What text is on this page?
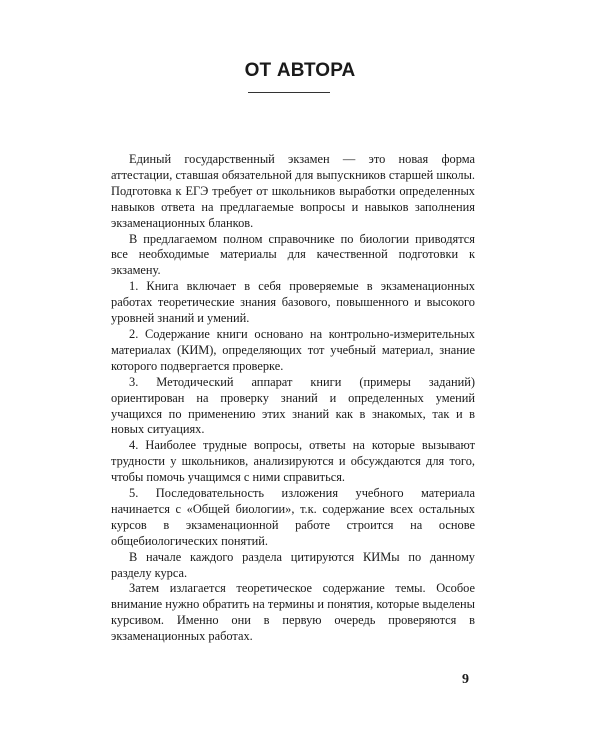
ОТ АВТОРА

Единый государственный экзамен — это новая форма аттестации, ставшая обязательной для выпускников старшей школы. Подготовка к ЕГЭ требует от школьников выработки определенных навыков ответа на предлагаемые вопросы и навыков заполнения экзаменационных бланков.

В предлагаемом полном справочнике по биологии приводятся все необходимые материалы для качественной подготовки к экзамену.

1. Книга включает в себя проверяемые в экзаменационных работах теоретические знания базового, повышенного и высокого уровней знаний и умений.

2. Содержание книги основано на контрольно-измерительных материалах (КИМ), определяющих тот учебный материал, знание которого подвергается проверке.

3. Методический аппарат книги (примеры заданий) ориентирован на проверку знаний и определенных умений учащихся по применению этих знаний как в знакомых, так и в новых ситуациях.

4. Наиболее трудные вопросы, ответы на которые вызывают трудности у школьников, анализируются и обсуждаются для того, чтобы помочь учащимся с ними справиться.

5. Последовательность изложения учебного материала начинается с «Общей биологии», т.к. содержание всех остальных курсов в экзаменационной работе строится на основе общебиологических понятий.

В начале каждого раздела цитируются КИМы по данному разделу курса.

Затем излагается теоретическое содержание темы. Особое внимание нужно обратить на термины и понятия, которые выделены курсивом. Именно они в первую очередь проверяются в экзаменационных работах.

9
